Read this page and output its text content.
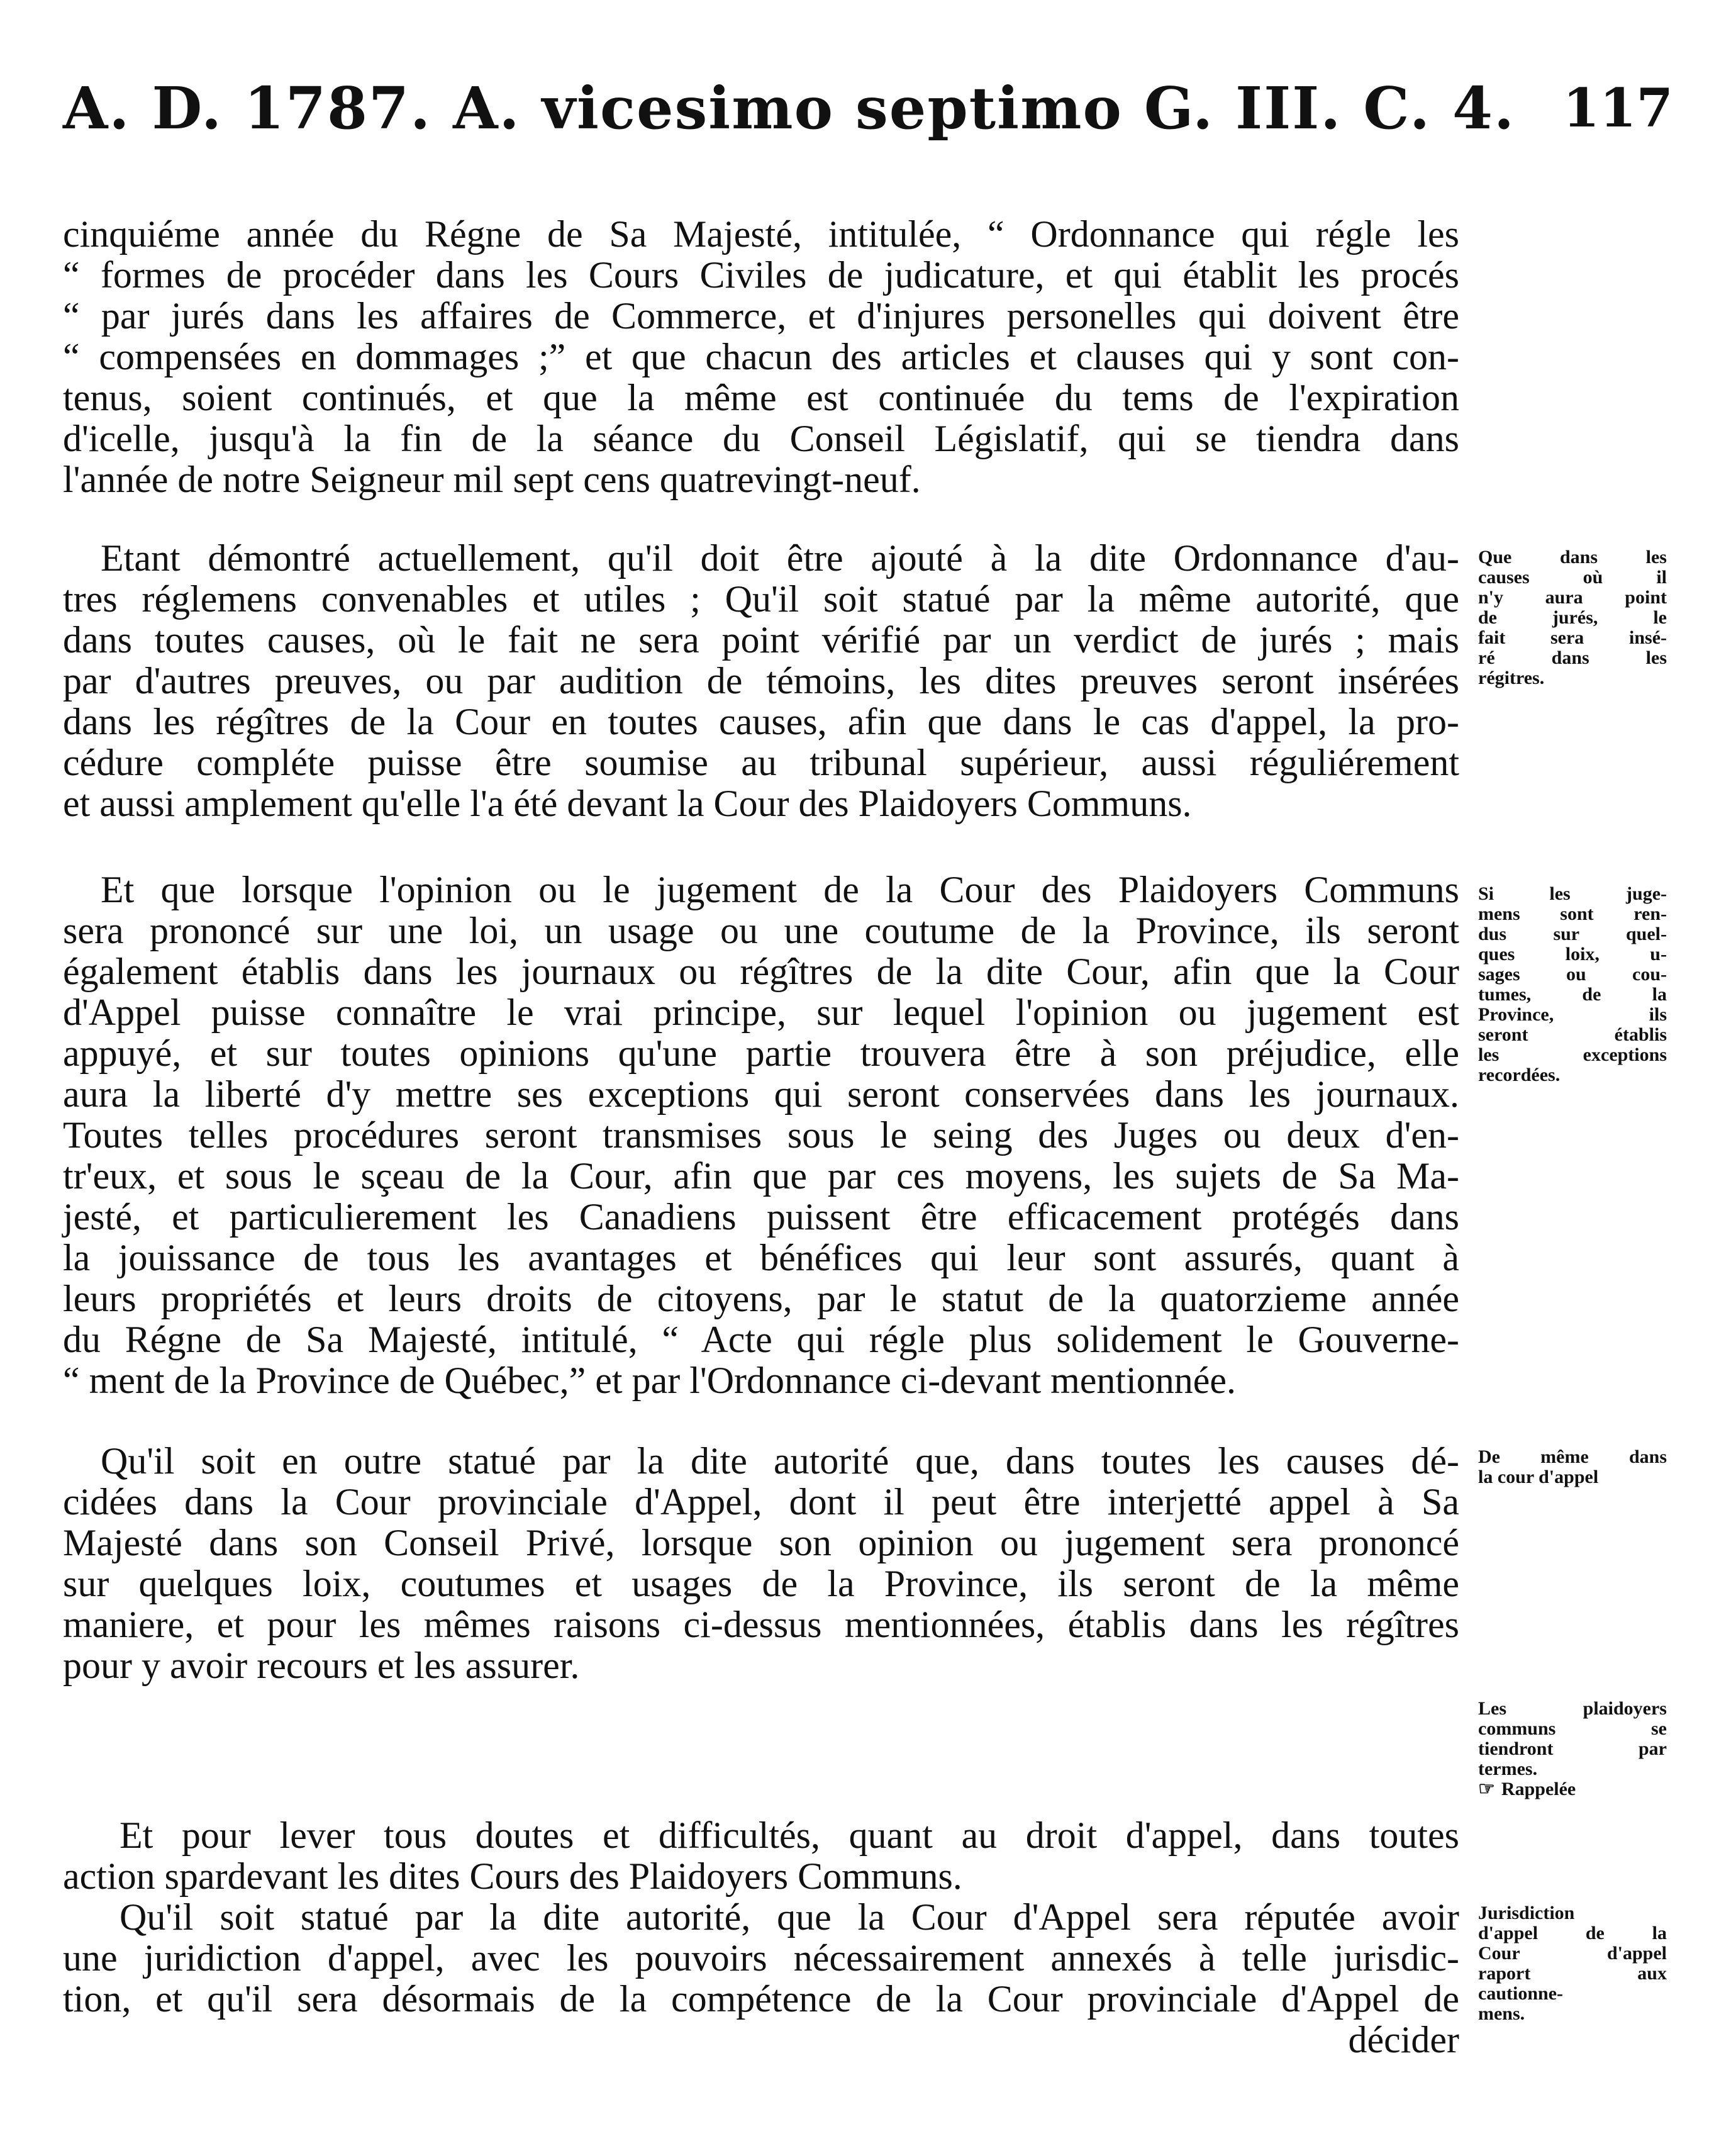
A. D. 1787. A. vicesimo septimo G. III. C. 4. 117

cinquiéme année du Régne de Sa Majesté, intitulée, “ Ordonnance qui régle les
“ formes de procéder dans les Cours Civiles de judicature, et qui établit les procés
“ par jurés dans les affaires de Commerce, et d'injures personelles qui doivent être
“ compensées en dommages ;” et que chacun des articles et clauses qui y sont con-
tenus, soient continués, et que la même est continuée du tems de l'expiration
d'icelle, jusqu'à la fin de la séance du Conseil Législatif, qui se tiendra dans
l'année de notre Seigneur mil sept cens quatrevingt-neuf.

Etant démontré actuellement, qu'il doit être ajouté à la dite Ordonnance d'au-
tres réglemens convenables et utiles ; Qu'il soit statué par la même autorité, que
dans toutes causes, où le fait ne sera point vérifié par un verdict de jurés ; mais
par d'autres preuves, ou par audition de témoins, les dites preuves seront insérées
dans les régîtres de la Cour en toutes causes, afin que dans le cas d'appel, la pro-
cédure compléte puisse être soumise au tribunal supérieur, aussi réguliérement
et aussi amplement qu'elle l'a été devant la Cour des Plaidoyers Communs.

Que dans les
causes où il
n'y aura point
de jurés, le
fait sera insé-
ré dans les
régitres.

Et que lorsque l'opinion ou le jugement de la Cour des Plaidoyers Communs
sera prononcé sur une loi, un usage ou une coutume de la Province, ils seront
également établis dans les journaux ou régîtres de la dite Cour, afin que la Cour
d'Appel puisse connaître le vrai principe, sur lequel l'opinion ou jugement est
appuyé, et sur toutes opinions qu'une partie trouvera être à son préjudice, elle
aura la liberté d'y mettre ses exceptions qui seront conservées dans les journaux.
Toutes telles procédures seront transmises sous le seing des Juges ou deux d'en-
tr'eux, et sous le sçeau de la Cour, afin que par ces moyens, les sujets de Sa Ma-
jesté, et particulierement les Canadiens puissent être efficacement protégés dans
la jouissance de tous les avantages et bénéfices qui leur sont assurés, quant à
leurs propriétés et leurs droits de citoyens, par le statut de la quatorzieme année
du Régne de Sa Majesté, intitulé, “ Acte qui régle plus solidement le Gouverne-
“ ment de la Province de Québec,” et par l'Ordonnance ci-devant mentionnée.

Si les juge-
mens sont ren-
dus sur quel-
ques loix, u-
sages ou cou-
tumes, de la
Province, ils
seront établis
les exceptions
recordées.

Qu'il soit en outre statué par la dite autorité que, dans toutes les causes dé-
cidées dans la Cour provinciale d'Appel, dont il peut être interjetté appel à Sa
Majesté dans son Conseil Privé, lorsque son opinion ou jugement sera prononcé
sur quelques loix, coutumes et usages de la Province, ils seront de la même
maniere, et pour les mêmes raisons ci-dessus mentionnées, établis dans les régîtres
pour y avoir recours et les assurer.

De même dans
la cour d'appel
Les plaidoyers
communs se
tiendront par
termes.
☞ Rappelée

Et pour lever tous doutes et difficultés, quant au droit d'appel, dans toutes
action spardevant les dites Cours des Plaidoyers Communs.

Qu'il soit statué par la dite autorité, que la Cour d'Appel sera réputée avoir
une juridiction d'appel, avec les pouvoirs nécessairement annexés à telle jurisdic-
tion, et qu'il sera désormais de la compétence de la Cour provinciale d'Appel de
décider

Jurisdiction
d'appel de la
Cour d'appel
raport aux
cautionne-
mens.
